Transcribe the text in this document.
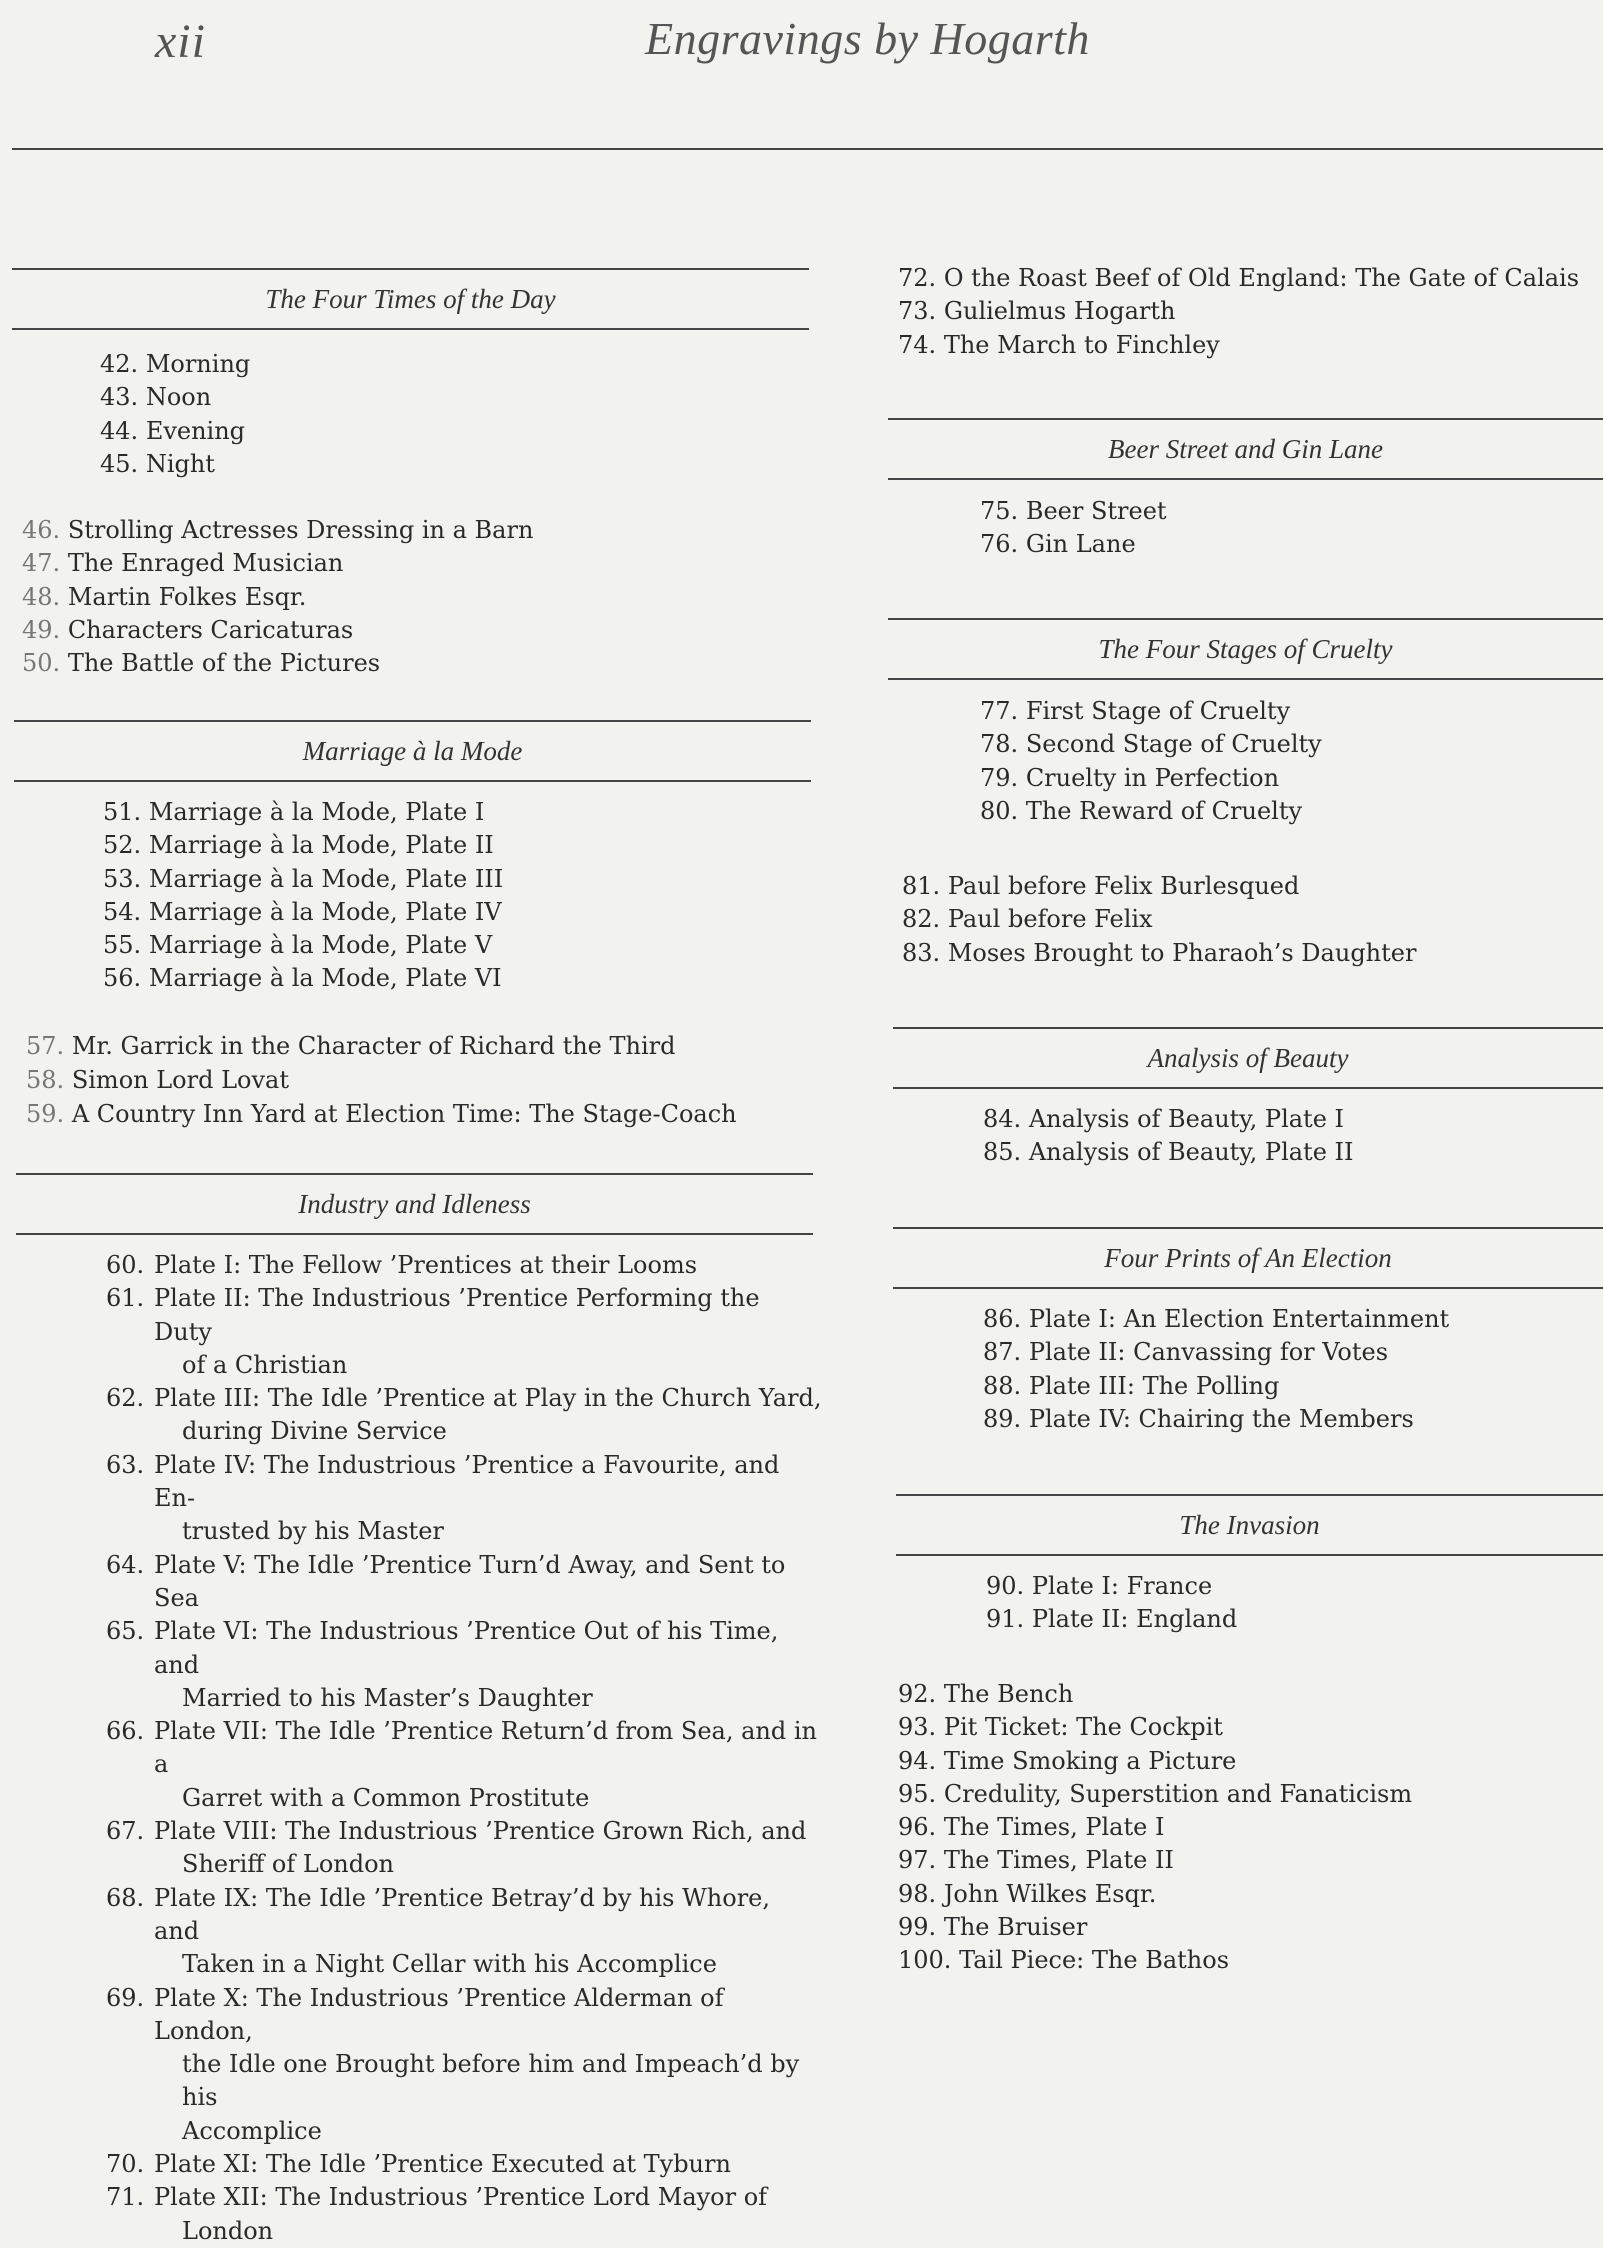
xii	Engravings by Hogarth
The Four Times of the Day
42. Morning
43. Noon
44. Evening
45. Night
46. Strolling Actresses Dressing in a Barn
47. The Enraged Musician
48. Martin Folkes Esqr.
49. Characters Caricaturas
50. The Battle of the Pictures
Marriage à la Mode
51. Marriage à la Mode, Plate I
52. Marriage à la Mode, Plate II
53. Marriage à la Mode, Plate III
54. Marriage à la Mode, Plate IV
55. Marriage à la Mode, Plate V
56. Marriage à la Mode, Plate VI
57. Mr. Garrick in the Character of Richard the Third
58. Simon Lord Lovat
59. A Country Inn Yard at Election Time: The Stage-Coach
Industry and Idleness
60. Plate I: The Fellow ’Prentices at their Looms
61. Plate II: The Industrious ’Prentice Performing the Duty
of a Christian
62. Plate III: The Idle ’Prentice at Play in the Church Yard,
during Divine Service
63. Plate IV: The Industrious ’Prentice a Favourite, and En-
trusted by his Master
64. Plate V: The Idle ’Prentice Turn’d Away, and Sent to Sea
65. Plate VI: The Industrious ’Prentice Out of his Time, and
Married to his Master’s Daughter
66. Plate VII: The Idle ’Prentice Return’d from Sea, and in a
Garret with a Common Prostitute
67. Plate VIII: The Industrious ’Prentice Grown Rich, and
Sheriff of London
68. Plate IX: The Idle ’Prentice Betray’d by his Whore, and
Taken in a Night Cellar with his Accomplice
69. Plate X: The Industrious ’Prentice Alderman of London,
the Idle one Brought before him and Impeach’d by his
Accomplice
70. Plate XI: The Idle ’Prentice Executed at Tyburn
71. Plate XII: The Industrious ’Prentice Lord Mayor of
London
72. O the Roast Beef of Old England: The Gate of Calais
73. Gulielmus Hogarth
74. The March to Finchley
Beer Street and Gin Lane
75. Beer Street
76. Gin Lane
The Four Stages of Cruelty
77. First Stage of Cruelty
78. Second Stage of Cruelty
79. Cruelty in Perfection
80. The Reward of Cruelty
81. Paul before Felix Burlesqued
82. Paul before Felix
83. Moses Brought to Pharaoh’s Daughter
Analysis of Beauty
84. Analysis of Beauty, Plate I
85. Analysis of Beauty, Plate II
Four Prints of An Election
86. Plate I: An Election Entertainment
87. Plate II: Canvassing for Votes
88. Plate III: The Polling
89. Plate IV: Chairing the Members
The Invasion
90. Plate I: France
91. Plate II: England
92. The Bench
93. Pit Ticket: The Cockpit
94. Time Smoking a Picture
95. Credulity, Superstition and Fanaticism
96. The Times, Plate I
97. The Times, Plate II
98. John Wilkes Esqr.
99. The Bruiser
100. Tail Piece: The Bathos
